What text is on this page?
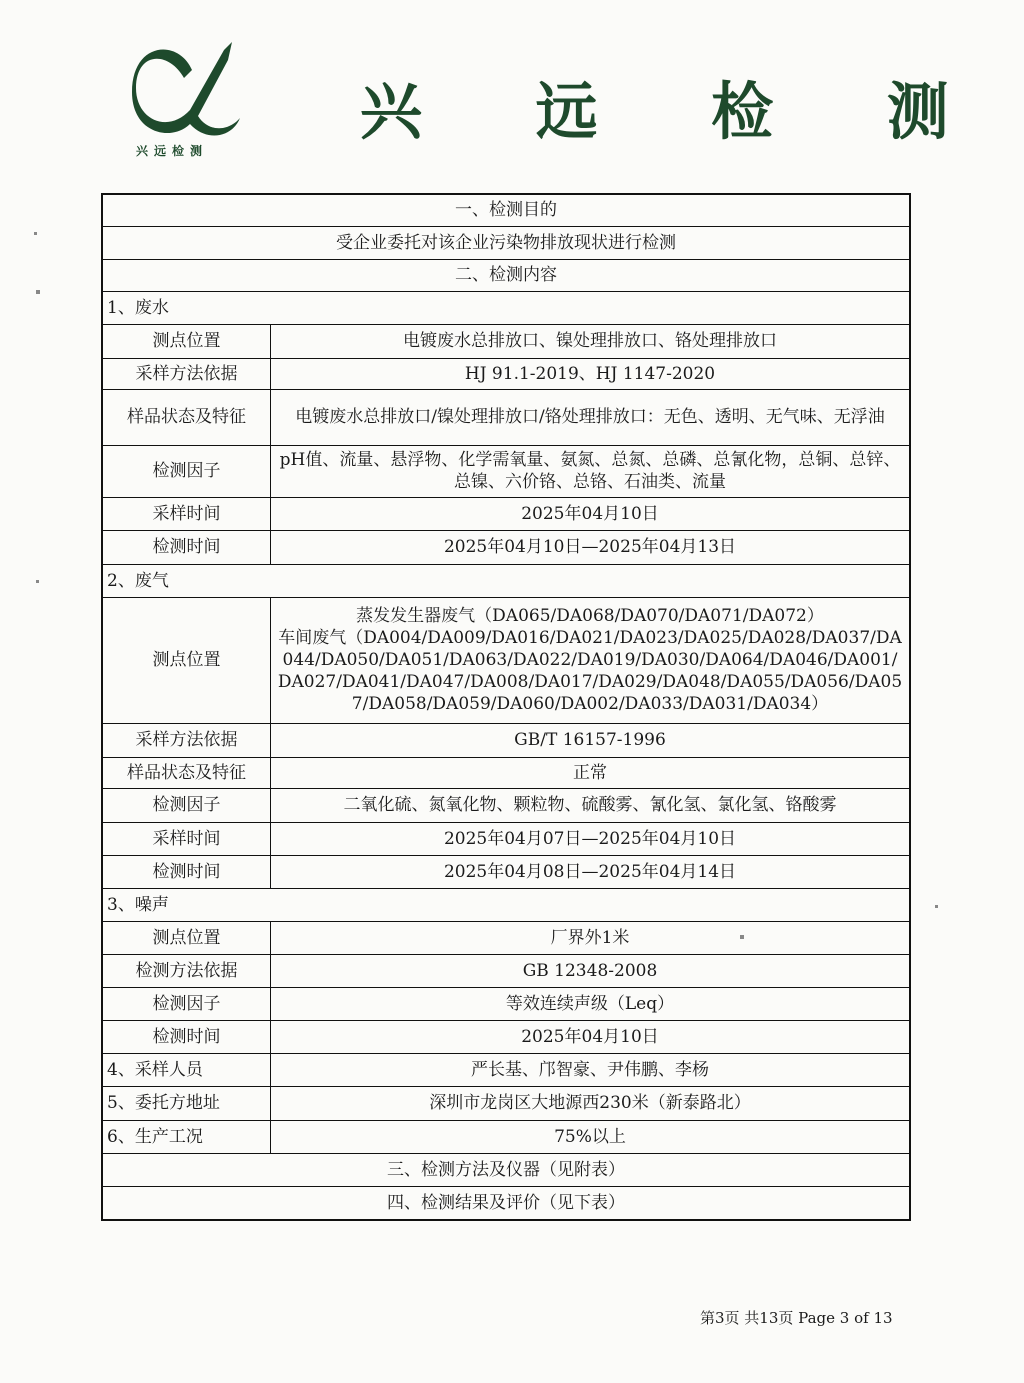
兴远检测
兴 远 检 测
一、检测目的	
受企业委托对该企业污染物排放现状进行检测	
二、检测内容	
1、废水	
测点位置	电镀废水总排放口、镍处理排放口、铬处理排放口
采样方法依据	HJ 91.1-2019、HJ 1147-2020
样品状态及特征	电镀废水总排放口/镍处理排放口/铬处理排放口：无色、透明、无气味、无浮油
检测因子	pH值、流量、悬浮物、化学需氧量、氨氮、总氮、总磷、总氰化物，总铜、总锌、总镍、六价铬、总铬、石油类、流量
采样时间	2025年04月10日
检测时间	2025年04月10日—2025年04月13日
2、废气	
测点位置	蒸发发生器废气（DA065/DA068/DA070/DA071/DA072）
车间废气（DA004/DA009/DA016/DA021/DA023/DA025/DA028/DA037/DA044/DA050/DA051/DA063/DA022/DA019/DA030/DA064/DA046/DA001/DA027/DA041/DA047/DA008/DA017/DA029/DA048/DA055/DA056/DA057/DA058/DA059/DA060/DA002/DA033/DA031/DA034）

采样方法依据	GB/T 16157-1996
样品状态及特征	正常
检测因子	二氧化硫、氮氧化物、颗粒物、硫酸雾、氰化氢、氯化氢、铬酸雾
采样时间	2025年04月07日—2025年04月10日
检测时间	2025年04月08日—2025年04月14日
3、噪声	
测点位置	厂界外1米
检测方法依据	GB 12348-2008
检测因子	等效连续声级（Leq）
检测时间	2025年04月10日
4、采样人员	严长基、邝智豪、尹伟鹏、李杨
5、委托方地址	深圳市龙岗区大地源西230米（新泰路北）
6、生产工况	75%以上
三、检测方法及仪器（见附表）	
四、检测结果及评价（见下表）	
第3页 共13页 Page 3 of 13
